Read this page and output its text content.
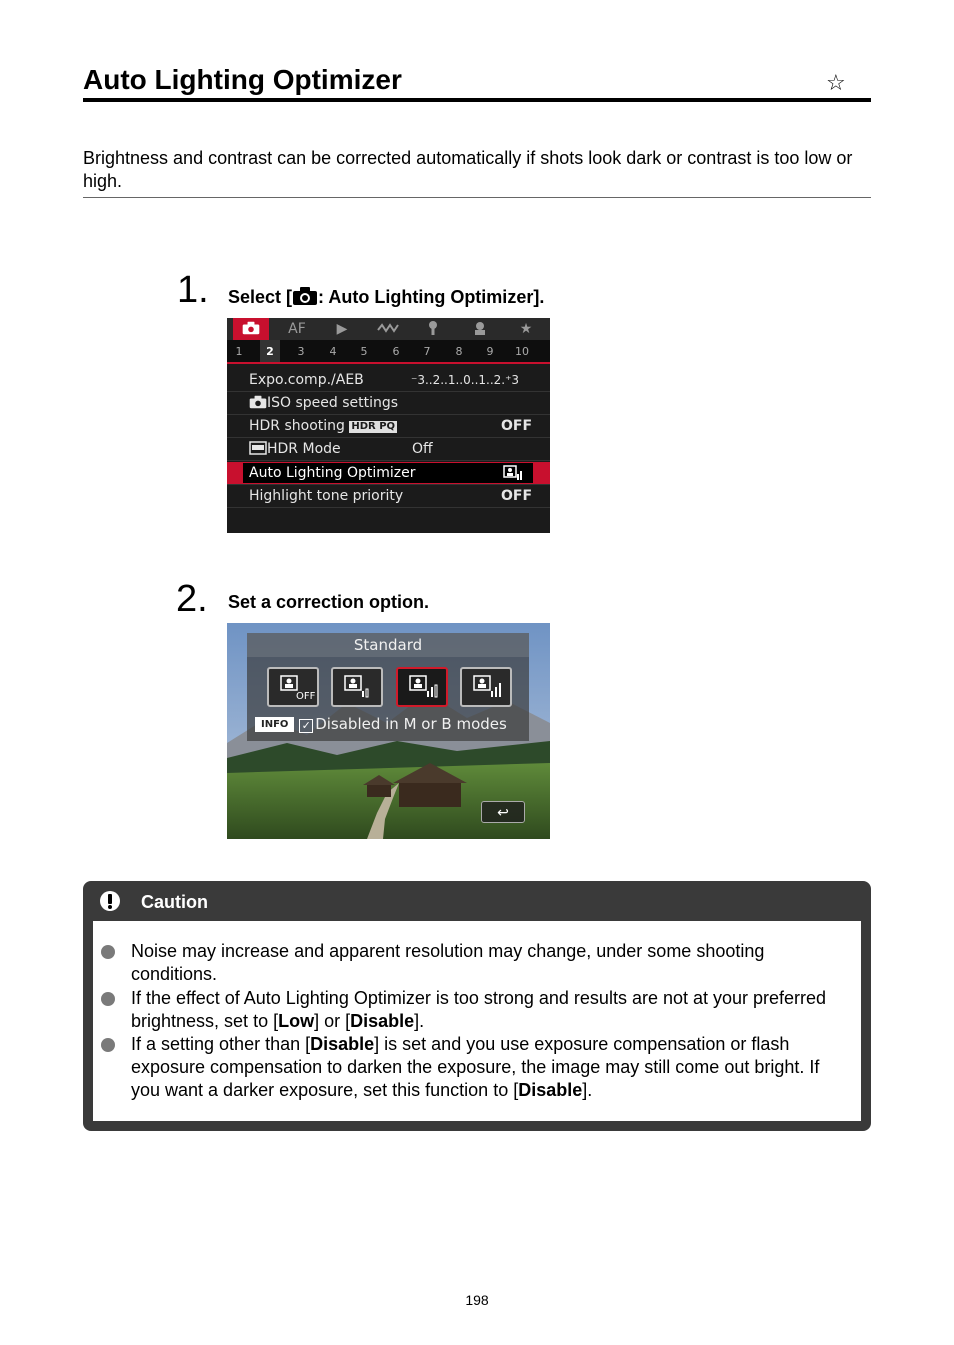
Auto Lighting Optimizer	☆
Brightness and contrast can be corrected automatically if shots look dark or contrast is too low or high.
1. Select [ : Auto Lighting Optimizer].
AF	▶	★
1	2	3	4	5	6	7	8	9	10
Expo.comp./AEB	⁻3..2..1..0..1..2.⁺3
ISO speed settings
HDR shooting HDR PQ	OFF
HDR Mode	Off
Auto Lighting Optimizer
Highlight tone priority	OFF
2. Set a correction option.
Standard
OFF
INFO ✓ Disabled in M or B modes
↩
Caution
Noise may increase and apparent resolution may change, under some shooting conditions.
If the effect of Auto Lighting Optimizer is too strong and results are not at your preferred brightness, set to [Low] or [Disable].
If a setting other than [Disable] is set and you use exposure compensation or flash exposure compensation to darken the exposure, the image may still come out bright. If you want a darker exposure, set this function to [Disable].
198
